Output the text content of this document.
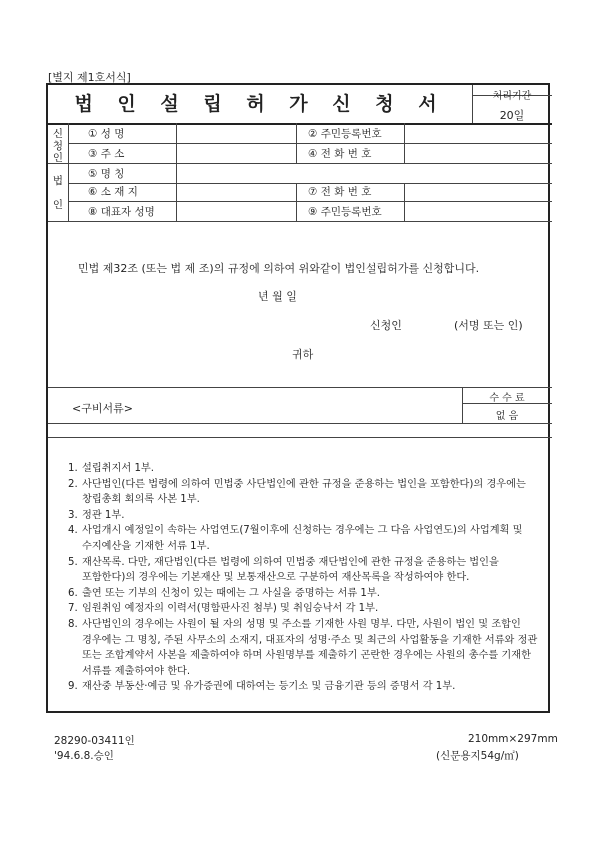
[별지 제1호서식]
법 인 설 립 허 가 신 청 서	처리기간
20일
신
청
인
법

인
① 성 명	② 주민등록번호
③ 주 소	④ 전 화 번 호
⑤ 명 칭
⑥ 소 재 지	⑦ 전 화 번 호
⑧ 대표자 성명	⑨ 주민등록번호
민법 제32조 (또는 법 제 조)의 규정에 의하여 위와같이 법인설립허가를 신청합니다.
년 월 일
신청인	(서명 또는 인)
귀하
<구비서류>
수 수 료
없 음
1. 설립취지서 1부.
2. 사단법인(다른 법령에 의하여 민법중 사단법인에 관한 규정을 준용하는 법인을 포함한다)의 경우에는 창립총회 회의록 사본 1부.
3. 정관 1부.
4. 사업개시 예정일이 속하는 사업연도(7월이후에 신청하는 경우에는 그 다음 사업연도)의 사업계획 및 수지예산을 기재한 서류 1부.
5. 재산목록. 다만, 재단법인(다른 법령에 의하여 민법중 재단법인에 관한 규정을 준용하는 법인을 포함한다)의 경우에는 기본재산 및 보통재산으로 구분하여 재산목록을 작성하여야 한다.
6. 출연 또는 기부의 신청이 있는 때에는 그 사실을 증명하는 서류 1부.
7. 임원취임 예정자의 이력서(명함판사진 첨부) 및 취임승낙서 각 1부.
8. 사단법인의 경우에는 사원이 될 자의 성명 및 주소를 기재한 사원 명부. 다만, 사원이 법인 및 조합인 경우에는 그 명칭, 주된 사무소의 소재지, 대표자의 성명·주소 및 최근의 사업활동을 기재한 서류와 정관 또는 조합계약서 사본을 제출하여야 하며 사원명부를 제출하기 곤란한 경우에는 사원의 총수를 기재한 서류를 제출하여야 한다.
9. 재산중 부동산·예금 및 유가증권에 대하여는 등기소 및 금융기관 등의 증명서 각 1부.
28290-03411인
'94.6.8.승인
210mm×297mm
(신문용지54g/㎡)
